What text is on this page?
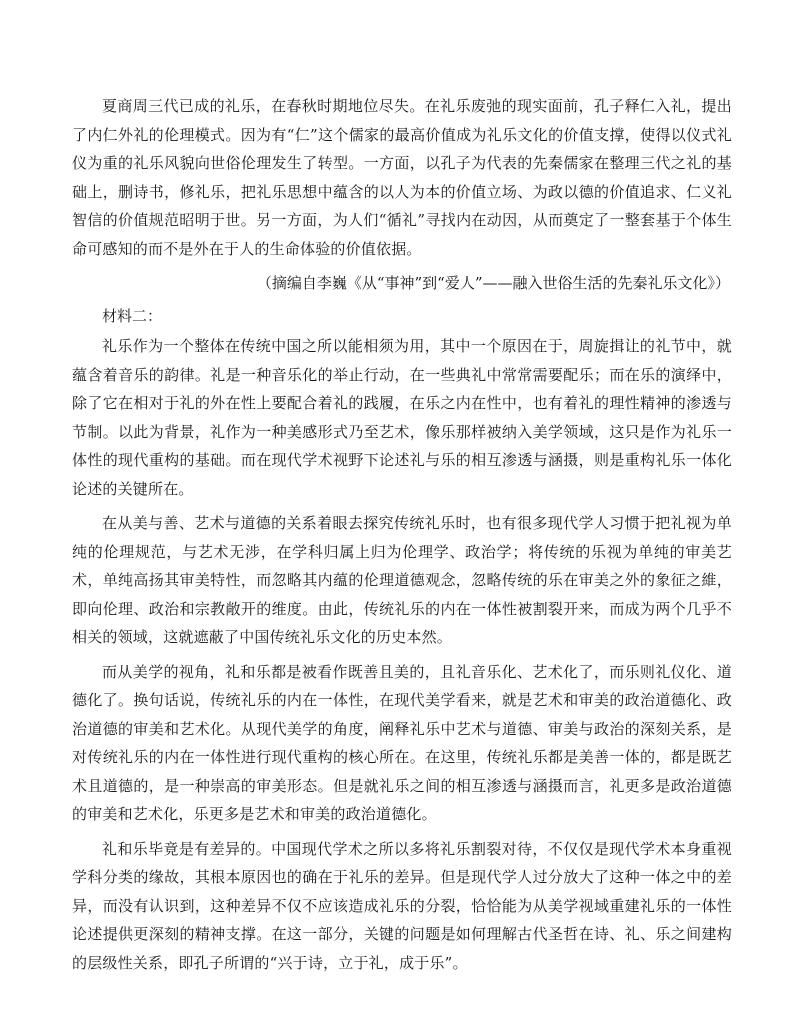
夏商周三代已成的礼乐，在春秋时期地位尽失。在礼乐废弛的现实面前，孔子释仁入礼，提出了内仁外礼的伦理模式。因为有“仁”这个儒家的最高价值成为礼乐文化的价值支撑，使得以仪式礼仪为重的礼乐风貌向世俗伦理发生了转型。一方面，以孔子为代表的先秦儒家在整理三代之礼的基础上，删诗书，修礼乐，把礼乐思想中蕴含的以人为本的价值立场、为政以德的价值追求、仁义礼智信的价值规范昭明于世。另一方面，为人们“循礼”寻找内在动因，从而奠定了一整套基于个体生命可感知的而不是外在于人的生命体验的价值依据。

（摘编自李巍《从“事神”到“爱人”——融入世俗生活的先秦礼乐文化》）

材料二：

礼乐作为一个整体在传统中国之所以能相须为用，其中一个原因在于，周旋揖让的礼节中，就蕴含着音乐的韵律。礼是一种音乐化的举止行动，在一些典礼中常常需要配乐；而在乐的演绎中，除了它在相对于礼的外在性上要配合着礼的践履，在乐之内在性中，也有着礼的理性精神的渗透与节制。以此为背景，礼作为一种美感形式乃至艺术，像乐那样被纳入美学领域，这只是作为礼乐一体性的现代重构的基础。而在现代学术视野下论述礼与乐的相互渗透与涵摄，则是重构礼乐一体化论述的关键所在。

在从美与善、艺术与道德的关系着眼去探究传统礼乐时，也有很多现代学人习惯于把礼视为单纯的伦理规范，与艺术无涉，在学科归属上归为伦理学、政治学；将传统的乐视为单纯的审美艺术，单纯高扬其审美特性，而忽略其内蕴的伦理道德观念，忽略传统的乐在审美之外的象征之維，即向伦理、政治和宗教敞开的维度。由此，传统礼乐的内在一体性被割裂开来，而成为两个几乎不相关的领域，这就遮蔽了中国传统礼乐文化的历史本然。

而从美学的视角，礼和乐都是被看作既善且美的，且礼音乐化、艺术化了，而乐则礼仪化、道德化了。换句话说，传统礼乐的内在一体性，在现代美学看来，就是艺术和审美的政治道德化、政治道德的审美和艺术化。从现代美学的角度，阐释礼乐中艺术与道德、审美与政治的深刻关系，是对传统礼乐的内在一体性进行现代重构的核心所在。在这里，传统礼乐都是美善一体的，都是既艺术且道德的，是一种崇高的审美形态。但是就礼乐之间的相互渗透与涵摄而言，礼更多是政治道德的审美和艺术化，乐更多是艺术和审美的政治道德化。

礼和乐毕竟是有差异的。中国现代学术之所以多将礼乐割裂对待，不仅仅是现代学术本身重视学科分类的缘故，其根本原因也的确在于礼乐的差异。但是现代学人过分放大了这种一体之中的差异，而没有认识到，这种差异不仅不应该造成礼乐的分裂，恰恰能为从美学视域重建礼乐的一体性论述提供更深刻的精神支撑。在这一部分，关键的问题是如何理解古代圣哲在诗、礼、乐之间建构的层级性关系，即孔子所谓的“兴于诗，立于礼，成于乐”。
